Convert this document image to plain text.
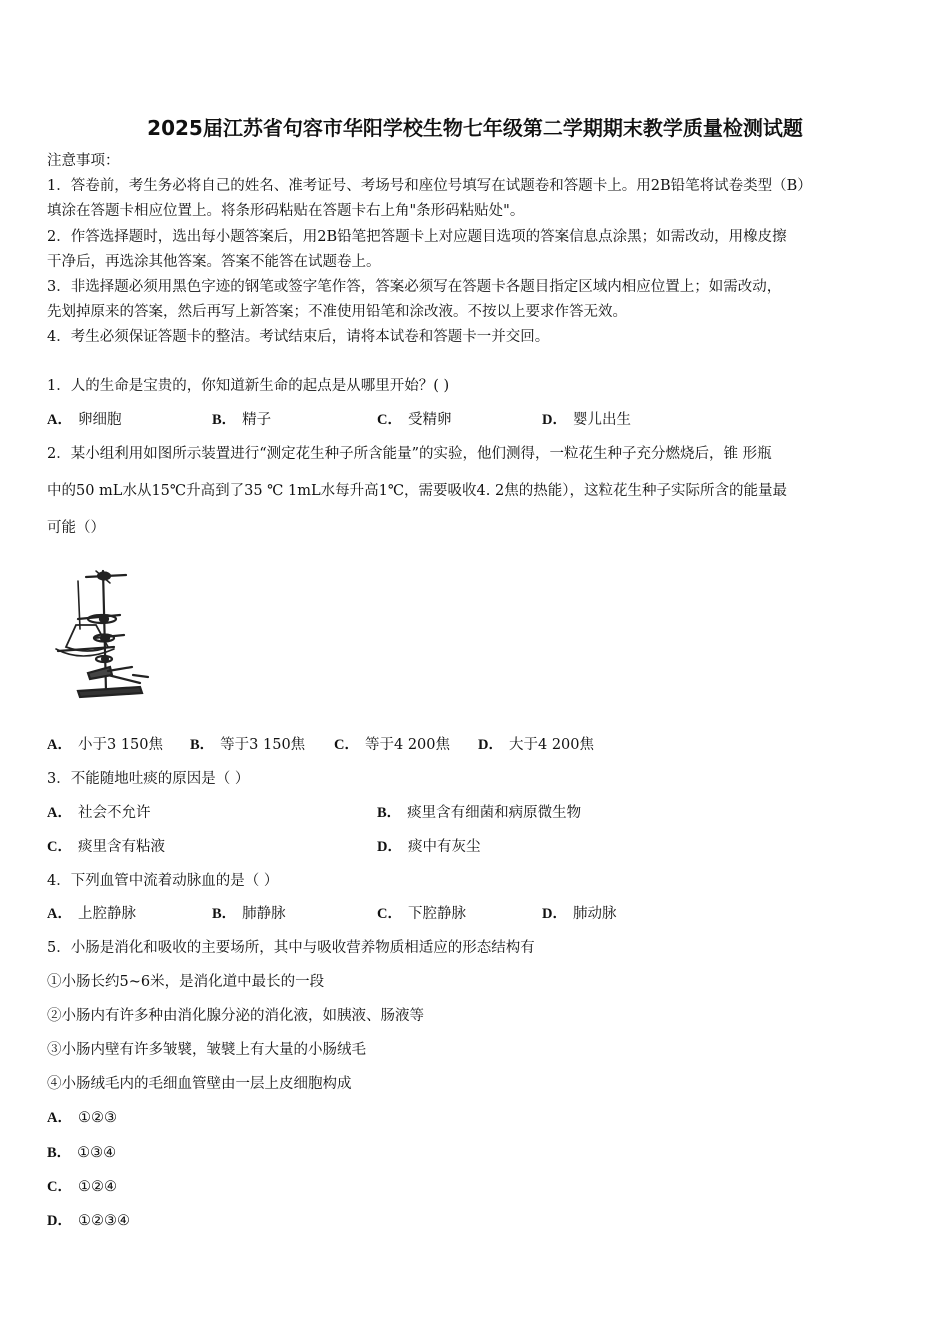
2025届江苏省句容市华阳学校生物七年级第二学期期末教学质量检测试题
注意事项：
1．答卷前，考生务必将自己的姓名、准考证号、考场号和座位号填写在试题卷和答题卡上。用2B铅笔将试卷类型（B）
填涂在答题卡相应位置上。将条形码粘贴在答题卡右上角"条形码粘贴处"。
2．作答选择题时，选出每小题答案后，用2B铅笔把答题卡上对应题目选项的答案信息点涂黑；如需改动，用橡皮擦
干净后，再选涂其他答案。答案不能答在试题卷上。
3．非选择题必须用黑色字迹的钢笔或签字笔作答，答案必须写在答题卡各题目指定区域内相应位置上；如需改动，
先划掉原来的答案，然后再写上新答案；不准使用铅笔和涂改液。不按以上要求作答无效。
4．考生必须保证答题卡的整洁。考试结束后，请将本试卷和答题卡一并交回。
1．人的生命是宝贵的，你知道新生命的起点是从哪里开始？( )
A． 卵细胞	B． 精子	C． 受精卵	D． 婴儿出生
2．某小组利用如图所示装置进行“测定花生种子所含能量”的实验，他们测得，一粒花生种子充分燃烧后，锥 形瓶
中的50 mL水从15℃升高到了35 ℃ 1mL水每升高1℃，需要吸收4. 2焦的热能），这粒花生种子实际所含的能量最
可能（）
A． 小于3 150焦 B． 等于3 150焦 C． 等于4 200焦 D． 大于4 200焦
3．不能随地吐痰的原因是（ ）
A． 社会不允许	B． 痰里含有细菌和病原微生物
C． 痰里含有粘液	D． 痰中有灰尘
4．下列血管中流着动脉血的是（ ）
A． 上腔静脉	B． 肺静脉	C． 下腔静脉	D． 肺动脉
5．小肠是消化和吸收的主要场所，其中与吸收营养物质相适应的形态结构有
①小肠长约5~6米，是消化道中最长的一段
②小肠内有许多种由消化腺分泌的消化液，如胰液、肠液等
③小肠内壁有许多皱襞，皱襞上有大量的小肠绒毛
④小肠绒毛内的毛细血管壁由一层上皮细胞构成
A． ①②③
B． ①③④
C． ①②④
D． ①②③④
